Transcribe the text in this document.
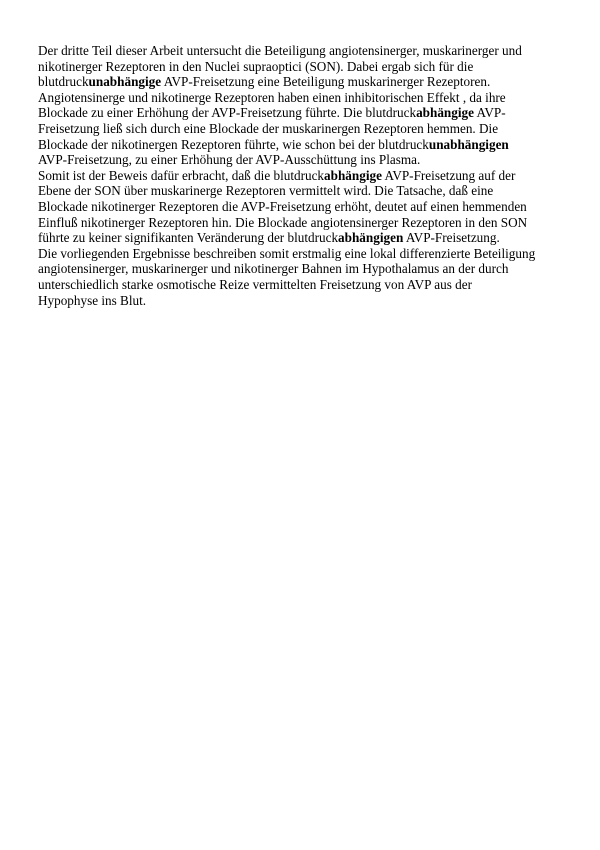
Der dritte Teil dieser Arbeit untersucht die Beteiligung angiotensinerger, muskarinerger und
nikotinerger Rezeptoren in den Nuclei supraoptici (SON). Dabei ergab sich für die
blutdruckunabhängige AVP-Freisetzung eine Beteiligung muskarinerger Rezeptoren.
Angiotensinerge und nikotinerge Rezeptoren haben einen inhibitorischen Effekt , da ihre
Blockade zu einer Erhöhung der AVP-Freisetzung führte. Die blutdruckabhängige AVP-
Freisetzung ließ sich durch eine Blockade der muskarinergen Rezeptoren hemmen. Die
Blockade der nikotinergen Rezeptoren führte, wie schon bei der blutdruckunabhängigen
AVP-Freisetzung, zu einer Erhöhung der AVP-Ausschüttung ins Plasma.
Somit ist der Beweis dafür erbracht, daß die blutdruckabhängige AVP-Freisetzung auf der
Ebene der SON über muskarinerge Rezeptoren vermittelt wird. Die Tatsache, daß eine
Blockade nikotinerger Rezeptoren die AVP-Freisetzung erhöht, deutet auf einen hemmenden
Einfluß nikotinerger Rezeptoren hin. Die Blockade angiotensinerger Rezeptoren in den SON
führte zu keiner signifikanten Veränderung der blutdruckabhängigen AVP-Freisetzung.
Die vorliegenden Ergebnisse beschreiben somit erstmalig eine lokal differenzierte Beteiligung
angiotensinerger, muskarinerger und nikotinerger Bahnen im Hypothalamus an der durch
unterschiedlich starke osmotische Reize vermittelten Freisetzung von AVP aus der
Hypophyse ins Blut.
